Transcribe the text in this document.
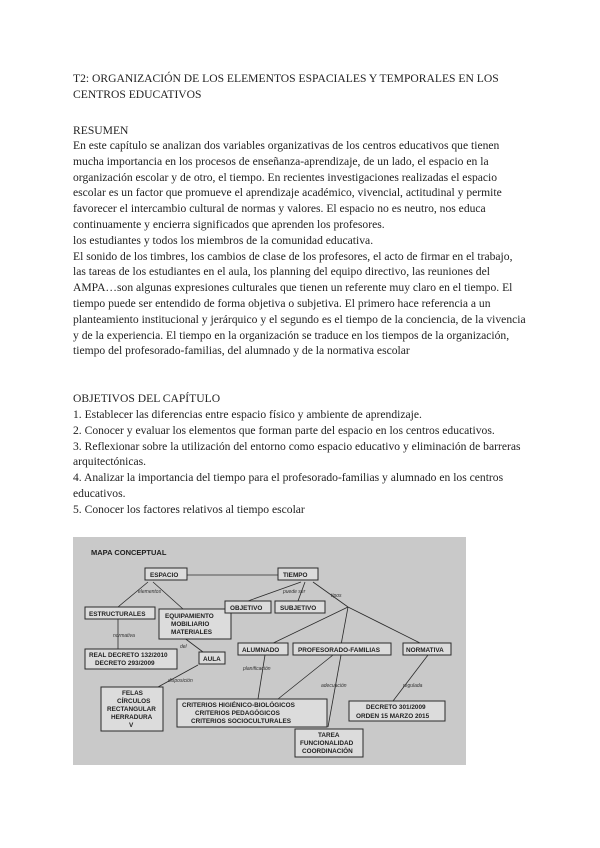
T2: ORGANIZACIÓN DE LOS ELEMENTOS ESPACIALES Y TEMPORALES EN LOS
CENTROS EDUCATIVOS
RESUMEN

En este capítulo se analizan dos variables organizativas de los centros educativos que tienen mucha importancia en los procesos de enseñanza-aprendizaje, de un lado, el espacio en la organización escolar y de otro, el tiempo. En recientes investigaciones realizadas el espacio escolar es un factor que promueve el aprendizaje académico, vivencial, actitudinal y permite favorecer el intercambio cultural de normas y valores. El espacio no es neutro, nos educa continuamente y encierra significados que aprenden los profesores.

los estudiantes y todos los miembros de la comunidad educativa.

El sonido de los timbres, los cambios de clase de los profesores, el acto de firmar en el trabajo, las tareas de los estudiantes en el aula, los planning del equipo directivo, las reuniones del AMPA…son algunas expresiones culturales que tienen un referente muy claro en el tiempo. El tiempo puede ser entendido de forma objetiva o subjetiva. El primero hace referencia a un planteamiento institucional y jerárquico y el segundo es el tiempo de la conciencia, de la vivencia y de la experiencia. El tiempo en la organización se traduce en los tiempos de la organización, tiempo del profesorado-familias, del alumnado y de la normativa escolar

OBJETIVOS DEL CAPÍTULO

1. Establecer las diferencias entre espacio físico y ambiente de aprendizaje.

2. Conocer y evaluar los elementos que forman parte del espacio en los centros educativos.

3. Reflexionar sobre la utilización del entorno como espacio educativo y eliminación de barreras arquitectónicas.

4. Analizar la importancia del tiempo para el profesorado-familias y alumnado en los centros educativos.

5. Conocer los factores relativos al tiempo escolar

MAPA CONCEPTUAL
ESPACIO	TIEMPO
elementos	puede ser
tipos
ESTRUCTURALES	EQUIPAMIENTO
MOBILIARIO
MATERIALES
OBJETIVO	SUBJETIVO
normativa
REAL DECRETO 132/2010
DECRETO 293/2009
del
AULA
ALUMNADO	PROFESORADO-FAMILIAS	NORMATIVA
disposición
planificación
adecuación	regulada
FELAS
CÍRCULOS
RECTANGULAR
HERRADURA
V
CRITERIOS HIGIÉNICO-BIOLÓGICOS
CRITERIOS PEDAGÓGICOS
CRITERIOS SOCIOCULTURALES
DECRETO 301/2009
ORDEN 15 MARZO 2015
TAREA
FUNCIONALIDAD
COORDINACIÓN
